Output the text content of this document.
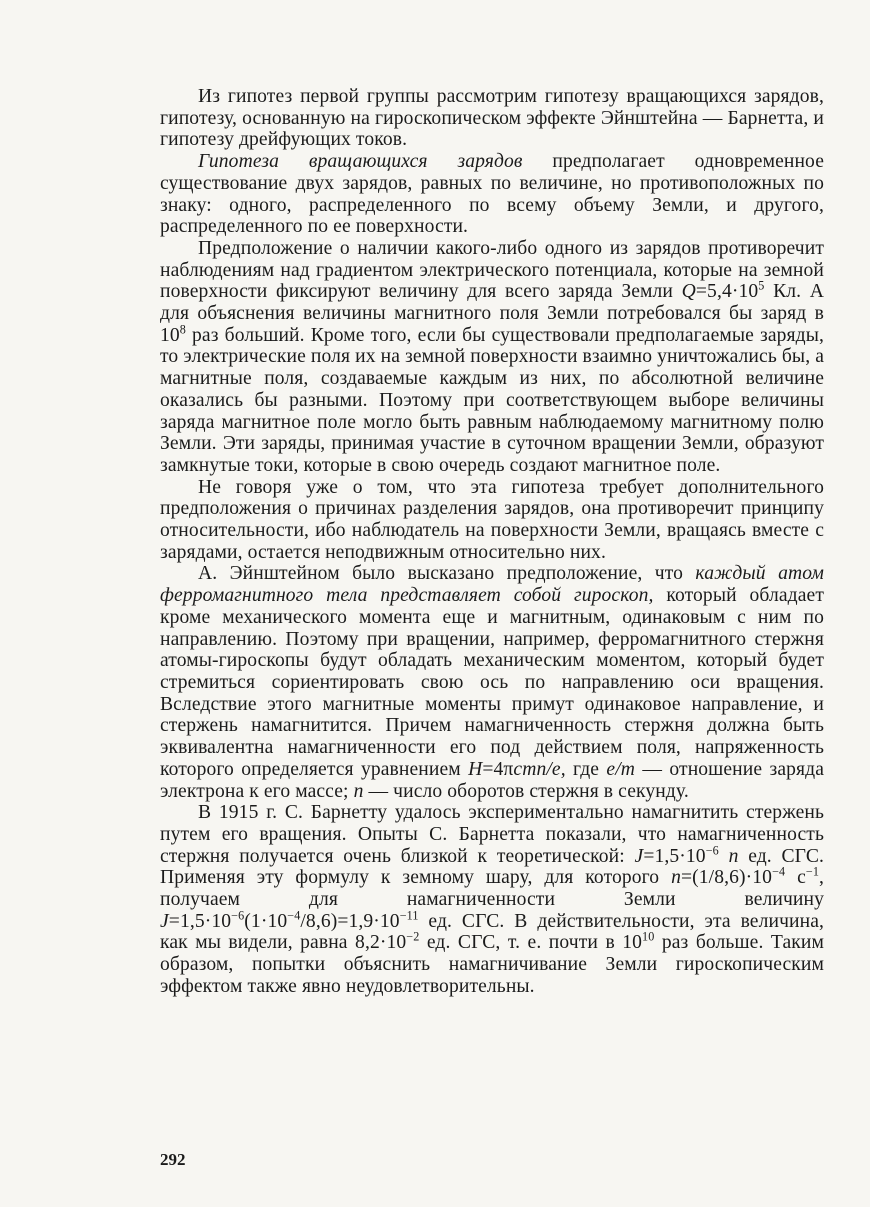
Из гипотез первой группы рассмотрим гипотезу вращающихся зарядов, гипотезу, основанную на гироскопическом эффекте Эйнштейна — Барнетта, и гипотезу дрейфующих токов.

Гипотеза вращающихся зарядов предполагает одновременное существование двух зарядов, равных по величине, но противоположных по знаку: одного, распределенного по всему объему Земли, и другого, распределенного по ее поверхности.

Предположение о наличии какого-либо одного из зарядов противоречит наблюдениям над градиентом электрического потенциала, которые на земной поверхности фиксируют величину для всего заряда Земли $Q=5,4\cdot 10^5$ Кл. А для объяснения величины магнитного поля Земли потребовался бы заряд в $10^8$ раз больший. Кроме того, если бы существовали предполагаемые заряды, то электрические поля их на земной поверхности взаимно уничтожались бы, а магнитные поля, создаваемые каждым из них, по абсолютной величине оказались бы разными. Поэтому при соответствующем выборе величины заряда магнитное поле могло быть равным наблюдаемому магнитному полю Земли. Эти заряды, принимая участие в суточном вращении Земли, образуют замкнутые токи, которые в свою очередь создают магнитное поле.

Не говоря уже о том, что эта гипотеза требует дополнительного предположения о причинах разделения зарядов, она противоречит принципу относительности, ибо наблюдатель на поверхности Земли, вращаясь вместе с зарядами, остается неподвижным относительно них.

А. Эйнштейном было высказано предположение, что каждый атом ферромагнитного тела представляет собой гироскоп, который обладает кроме механического момента еще и магнитным, одинаковым с ним по направлению. Поэтому при вращении, например, ферромагнитного стержня атомы-гироскопы будут обладать механическим моментом, который будет стремиться сориентировать свою ось по направлению оси вращения. Вследствие этого магнитные моменты примут одинаковое направление, и стержень намагнитится. Причем намагниченность стержня должна быть эквивалентна намагниченности его под действием поля, напряженность которого определяется уравнением H=4πcmn/e, где e/m — отношение заряда электрона к его массе; n — число оборотов стержня в секунду.

В 1915 г. С. Барнетту удалось экспериментально намагнитить стержень путем его вращения. Опыты С. Барнетта показали, что намагниченность стержня получается очень близкой к теоретической: $J=1,5\cdot 10^{-6}$ n ед. СГС. Применяя эту формулу к земному шару, для которого $n=(1/8,6)\cdot 10^{-4}$ $с^{-1}$, получаем для намагниченности Земли величину $J=1,5\cdot 10^{-6}(1\cdot 10^{-4}/8,6)=1,9\cdot 10^{-11}$ ед. СГС. В действительности, эта величина, как мы видели, равна $8,2\cdot 10^{-2}$ ед. СГС, т. е. почти в $10^{10}$ раз больше. Таким образом, попытки объяснить намагничивание Земли гироскопическим эффектом также явно неудовлетворительны.

292
